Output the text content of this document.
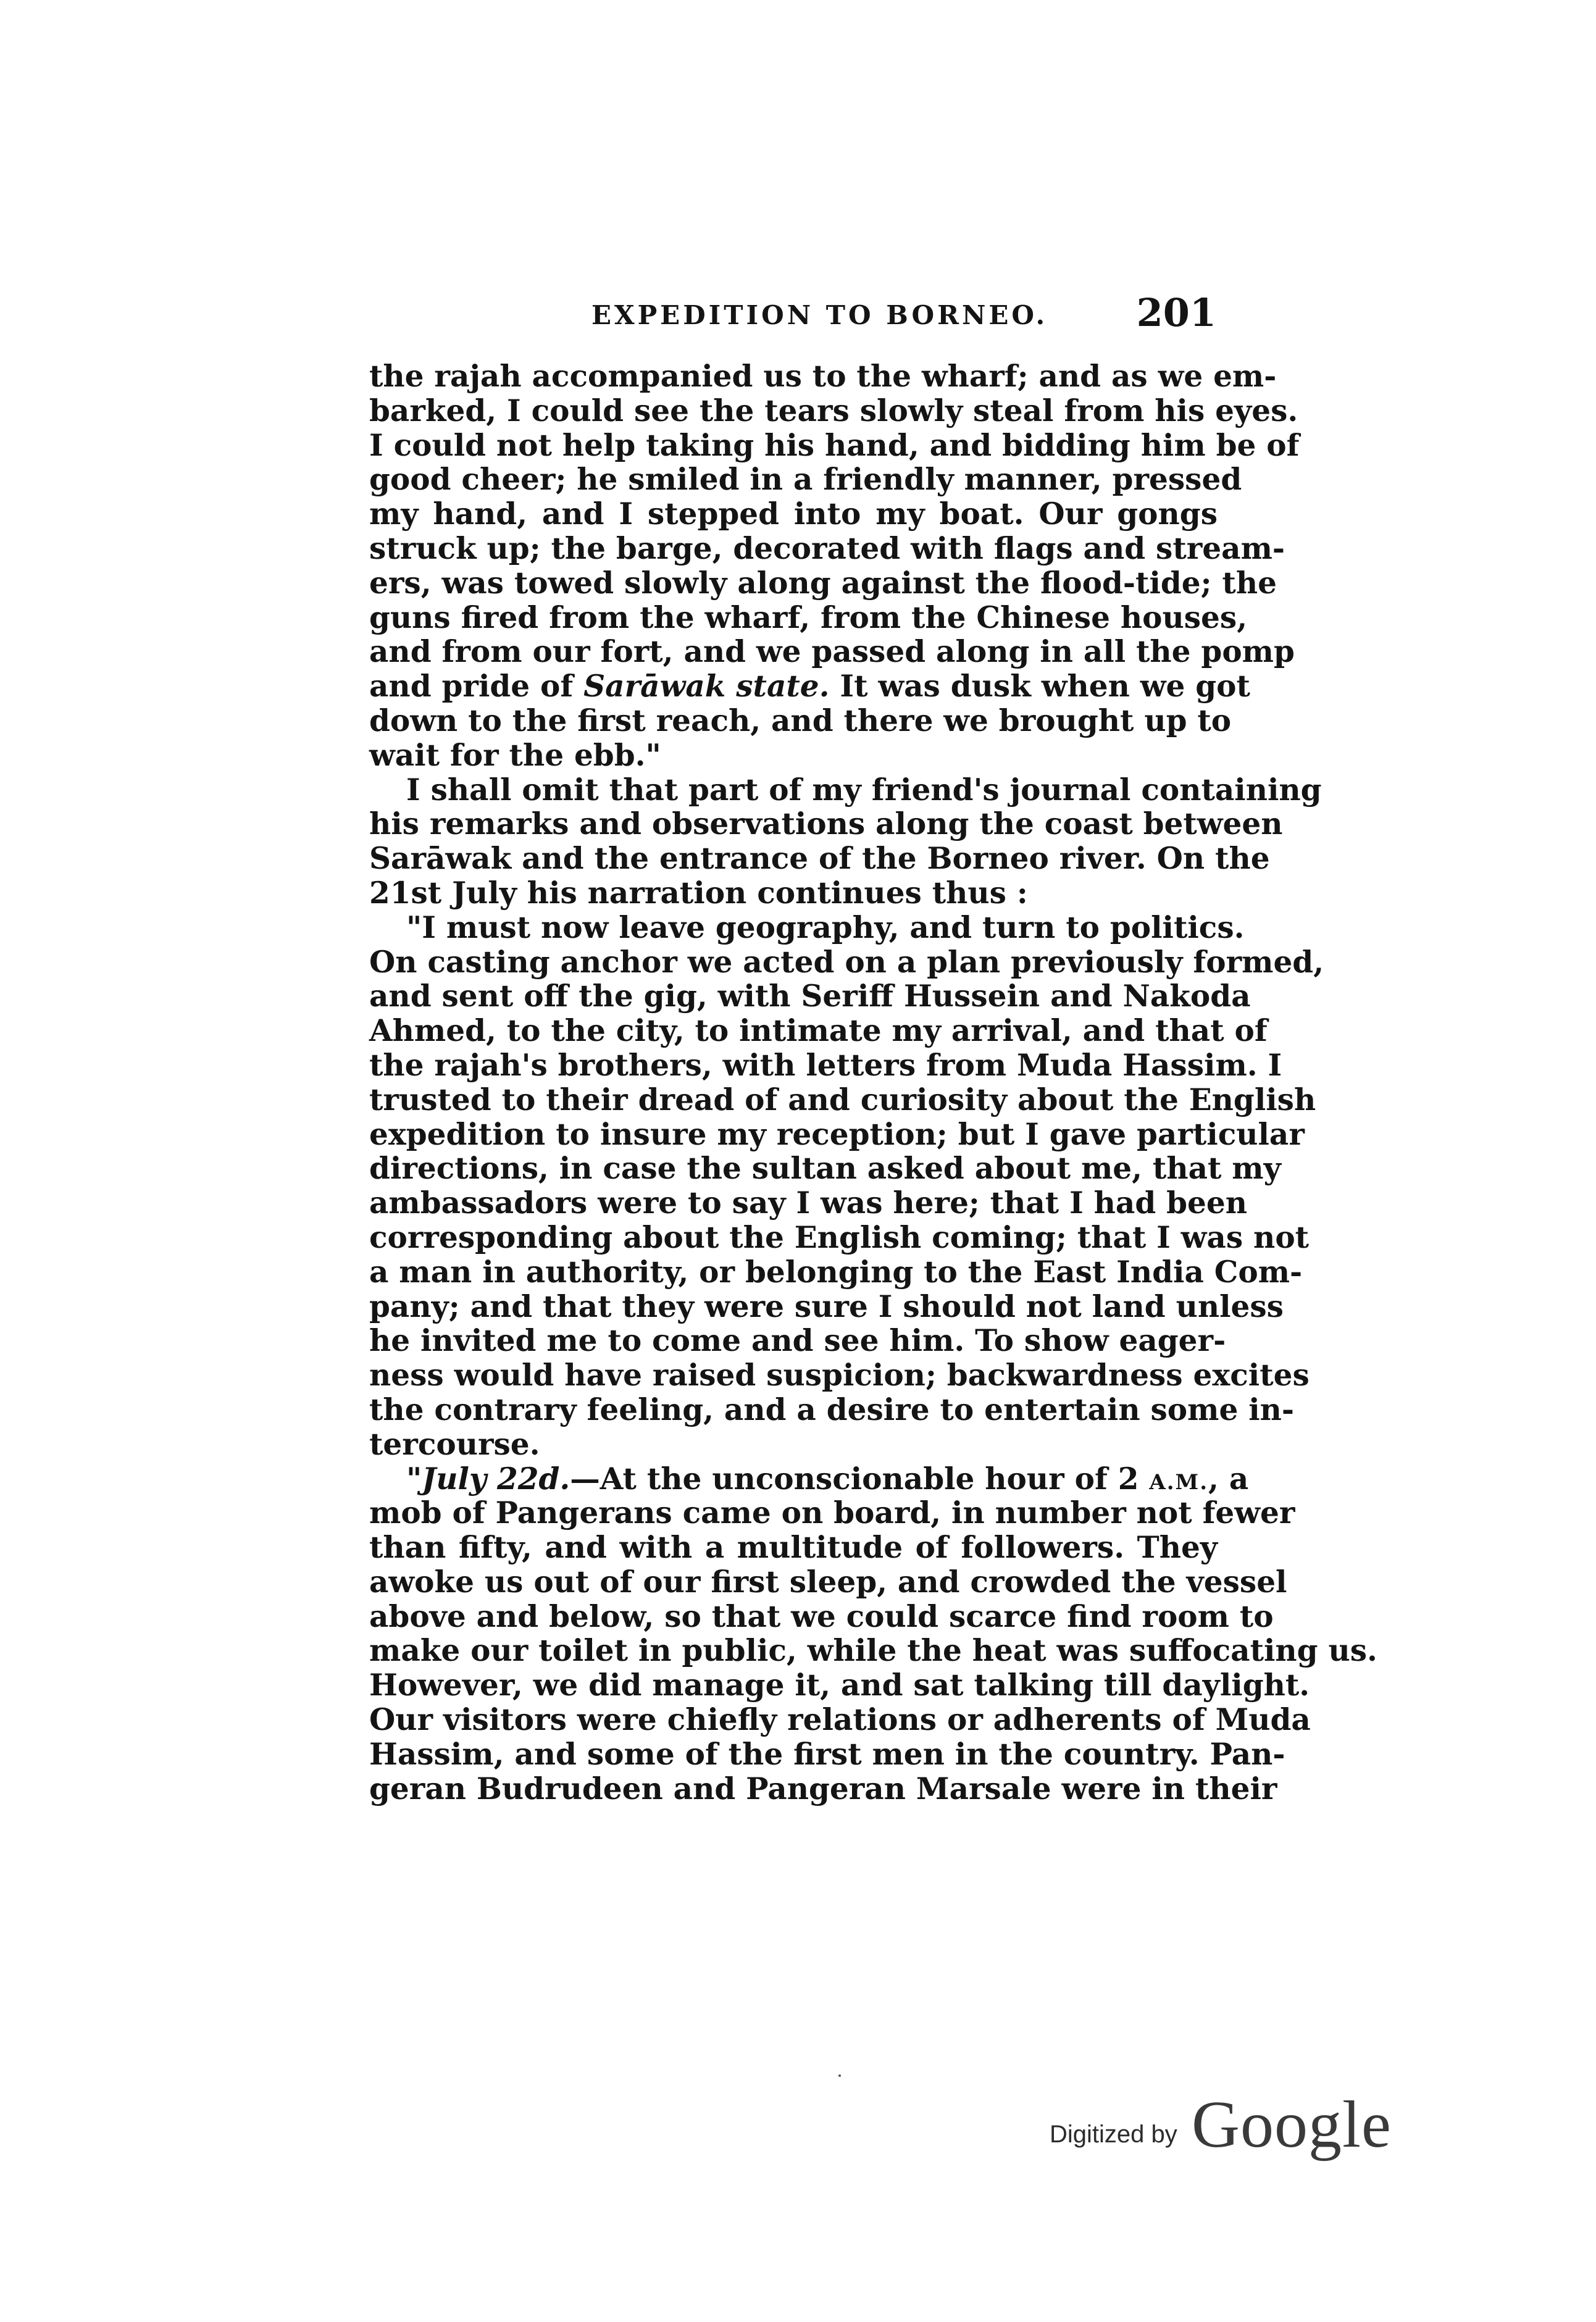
EXPEDITION TO BORNEO. 201
the rajah accompanied us to the wharf; and as we em-
barked, I could see the tears slowly steal from his eyes.
I could not help taking his hand, and bidding him be of
good cheer; he smiled in a friendly manner, pressed
my hand, and I stepped into my boat. Our gongs
struck up; the barge, decorated with flags and stream-
ers, was towed slowly along against the flood-tide; the
guns fired from the wharf, from the Chinese houses,
and from our fort, and we passed along in all the pomp
and pride of Sarāwak state. It was dusk when we got
down to the first reach, and there we brought up to
wait for the ebb."
I shall omit that part of my friend's journal containing
his remarks and observations along the coast between
Sarāwak and the entrance of the Borneo river. On the
21st July his narration continues thus :
"I must now leave geography, and turn to politics.
On casting anchor we acted on a plan previously formed,
and sent off the gig, with Seriff Hussein and Nakoda
Ahmed, to the city, to intimate my arrival, and that of
the rajah's brothers, with letters from Muda Hassim. I
trusted to their dread of and curiosity about the English
expedition to insure my reception; but I gave particular
directions, in case the sultan asked about me, that my
ambassadors were to say I was here; that I had been
corresponding about the English coming; that I was not
a man in authority, or belonging to the East India Com-
pany; and that they were sure I should not land unless
he invited me to come and see him. To show eager-
ness would have raised suspicion; backwardness excites
the contrary feeling, and a desire to entertain some in-
tercourse.
"July 22d.—At the unconscionable hour of 2 A.M., a
mob of Pangerans came on board, in number not fewer
than fifty, and with a multitude of followers. They
awoke us out of our first sleep, and crowded the vessel
above and below, so that we could scarce find room to
make our toilet in public, while the heat was suffocating us.
However, we did manage it, and sat talking till daylight.
Our visitors were chiefly relations or adherents of Muda
Hassim, and some of the first men in the country. Pan-
geran Budrudeen and Pangeran Marsale were in their
Digitized by Google
